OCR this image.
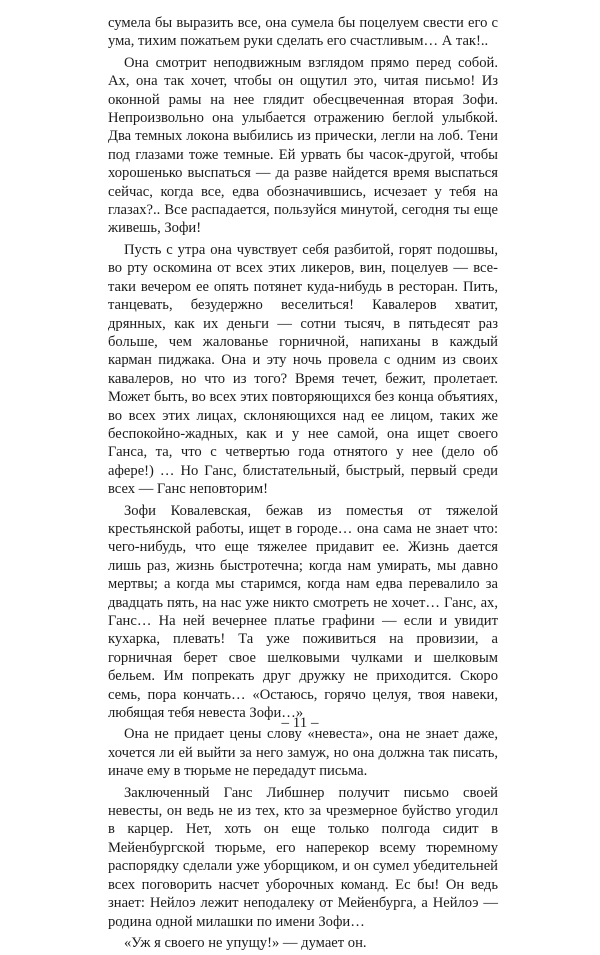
сумела бы выразить все, она сумела бы поцелуем свести его с ума, тихим пожатьем руки сделать его счастливым… А так!..

Она смотрит неподвижным взглядом прямо перед собой. Ах, она так хочет, чтобы он ощутил это, читая письмо! Из оконной рамы на нее глядит обесцвеченная вторая Зофи. Непроизвольно она улыбается отражению беглой улыбкой. Два темных локона выбились из прически, легли на лоб. Тени под глазами тоже темные. Ей урвать бы часок-другой, чтобы хорошенько выспаться — да разве найдется время выспаться сейчас, когда все, едва обозначившись, исчезает у тебя на глазах?.. Все распадается, пользуйся минутой, сегодня ты еще живешь, Зофи!

Пусть с утра она чувствует себя разбитой, горят подошвы, во рту оскомина от всех этих ликеров, вин, поцелуев — все-таки вечером ее опять потянет куда-нибудь в ресторан. Пить, танцевать, безудержно веселиться! Кавалеров хватит, дрянных, как их деньги — сотни тысяч, в пятьдесят раз больше, чем жалованье горничной, напиханы в каждый карман пиджака. Она и эту ночь провела с одним из своих кавалеров, но что из того? Время течет, бежит, пролетает. Может быть, во всех этих повторяющихся без конца объятиях, во всех этих лицах, склоняющихся над ее лицом, таких же беспокойно-жадных, как и у нее самой, она ищет своего Ганса, та, что с четвертью года отнятого у нее (дело об афере!) … Но Ганс, блистательный, быстрый, первый среди всех — Ганс неповторим!

Зофи Ковалевская, бежав из поместья от тяжелой крестьянской работы, ищет в городе… она сама не знает что: чего-нибудь, что еще тяжелее придавит ее. Жизнь дается лишь раз, жизнь быстротечна; когда нам умирать, мы давно мертвы; а когда мы старимся, когда нам едва перевалило за двадцать пять, на нас уже никто смотреть не хочет… Ганс, ах, Ганс… На ней вечернее платье графини — если и увидит кухарка, плевать! Та уже поживиться на провизии, а горничная берет свое шелковыми чулками и шелковым бельем. Им попрекать друг дружку не приходится. Скоро семь, пора кончать… «Остаюсь, горячо целуя, твоя навеки, любящая тебя невеста Зофи…»

Она не придает цены слову «невеста», она не знает даже, хочется ли ей выйти за него замуж, но она должна так писать, иначе ему в тюрьме не передадут письма.

Заключенный Ганс Либшнер получит письмо своей невесты, он ведь не из тех, кто за чрезмерное буйство угодил в карцер. Нет, хоть он еще только полгода сидит в Мейенбургской тюрьме, его наперекор всему тюремному распорядку сделали уже уборщиком, и он сумел убедительней всех поговорить насчет уборочных команд. Ес бы! Он ведь знает: Нейлоэ лежит неподалеку от Мейенбурга, а Нейлоэ — родина одной милашки по имени Зофи…

«Уж я своего не упущу!» — думает он.

– 11 –
